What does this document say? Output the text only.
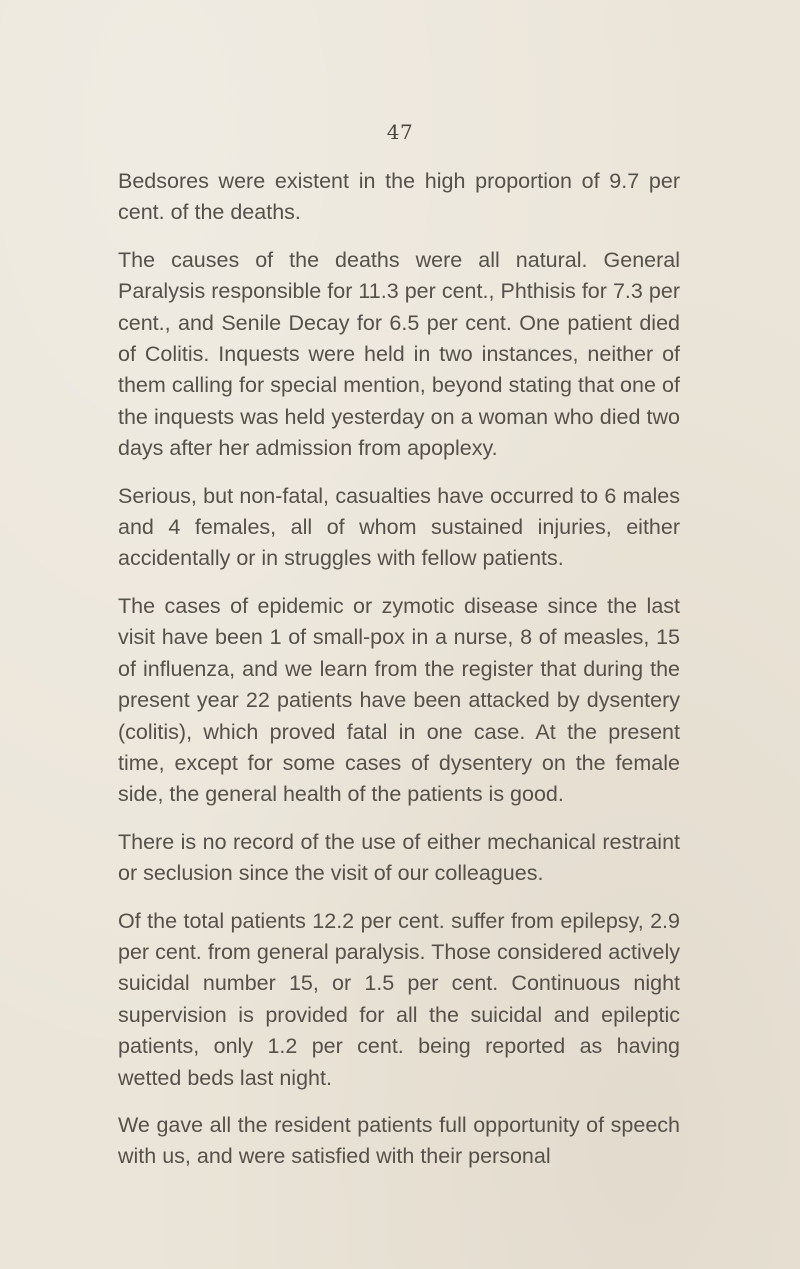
47

Bedsores were existent in the high proportion of 9.7 per cent. of the deaths.

The causes of the deaths were all natural. General Paralysis responsible for 11.3 per cent., Phthisis for 7.3 per cent., and Senile Decay for 6.5 per cent. One patient died of Colitis. Inquests were held in two instances, neither of them calling for special mention, beyond stating that one of the inquests was held yesterday on a woman who died two days after her admission from apoplexy.

Serious, but non-fatal, casualties have occurred to 6 males and 4 females, all of whom sustained injuries, either accidentally or in struggles with fellow patients.

The cases of epidemic or zymotic disease since the last visit have been 1 of small-pox in a nurse, 8 of measles, 15 of influenza, and we learn from the register that during the present year 22 patients have been attacked by dysentery (colitis), which proved fatal in one case. At the present time, except for some cases of dysentery on the female side, the general health of the patients is good.

There is no record of the use of either mechanical restraint or seclusion since the visit of our colleagues.

Of the total patients 12.2 per cent. suffer from epilepsy, 2.9 per cent. from general paralysis. Those considered actively suicidal number 15, or 1.5 per cent. Continuous night supervision is provided for all the suicidal and epileptic patients, only 1.2 per cent. being reported as having wetted beds last night.

We gave all the resident patients full opportunity of speech with us, and were satisfied with their personal
